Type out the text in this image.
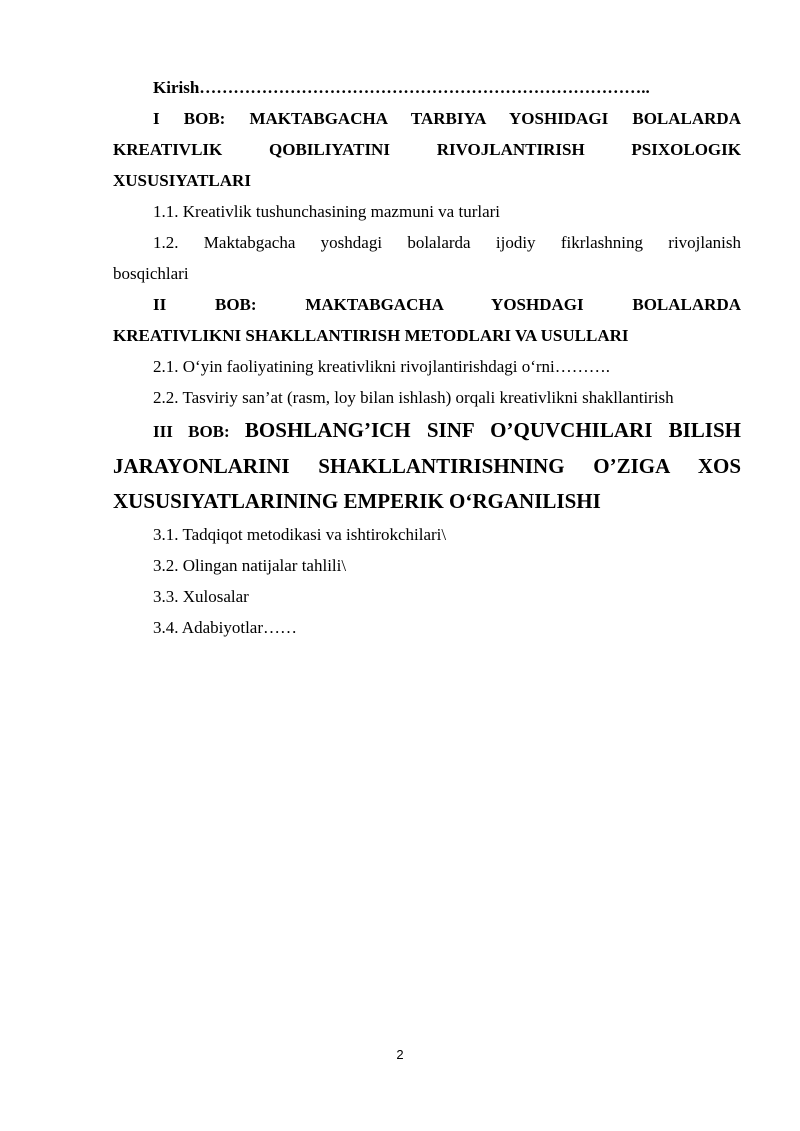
Kirish……………………………………………………………………..

I BOB: MAKTABGACHA TARBIYA YOSHIDAGI BOLALARDA

KREATIVLIK QOBILIYATINI RIVOJLANTIRISH PSIXOLOGIK

XUSUSIYATLARI

1.1. Kreativlik tushunchasining mazmuni va turlari

1.2. Maktabgacha yoshdagi bolalarda ijodiy fikrlashning rivojlanish

bosqichlari

II BOB: MAKTABGACHA YOSHDAGI BOLALARDA

KREATIVLIKNI SHAKLLANTIRISH METODLARI VA USULLARI

2.1. O‘yin faoliyatining kreativlikni rivojlantirishdagi o‘rni……….

2.2. Tasviriy san’at (rasm, loy bilan ishlash) orqali kreativlikni shakllantirish

III BOB: BOSHLANG’ICH SINF O’QUVCHILARI BILISH

JARAYONLARINI SHAKLLANTIRISHNING O’ZIGA XOS

XUSUSIYATLARINING EMPERIK O‘RGANILISHI

3.1. Tadqiqot metodikasi va ishtirokchilari\

3.2. Olingan natijalar tahlili\

3.3. Xulosalar

3.4. Adabiyotlar……

2
